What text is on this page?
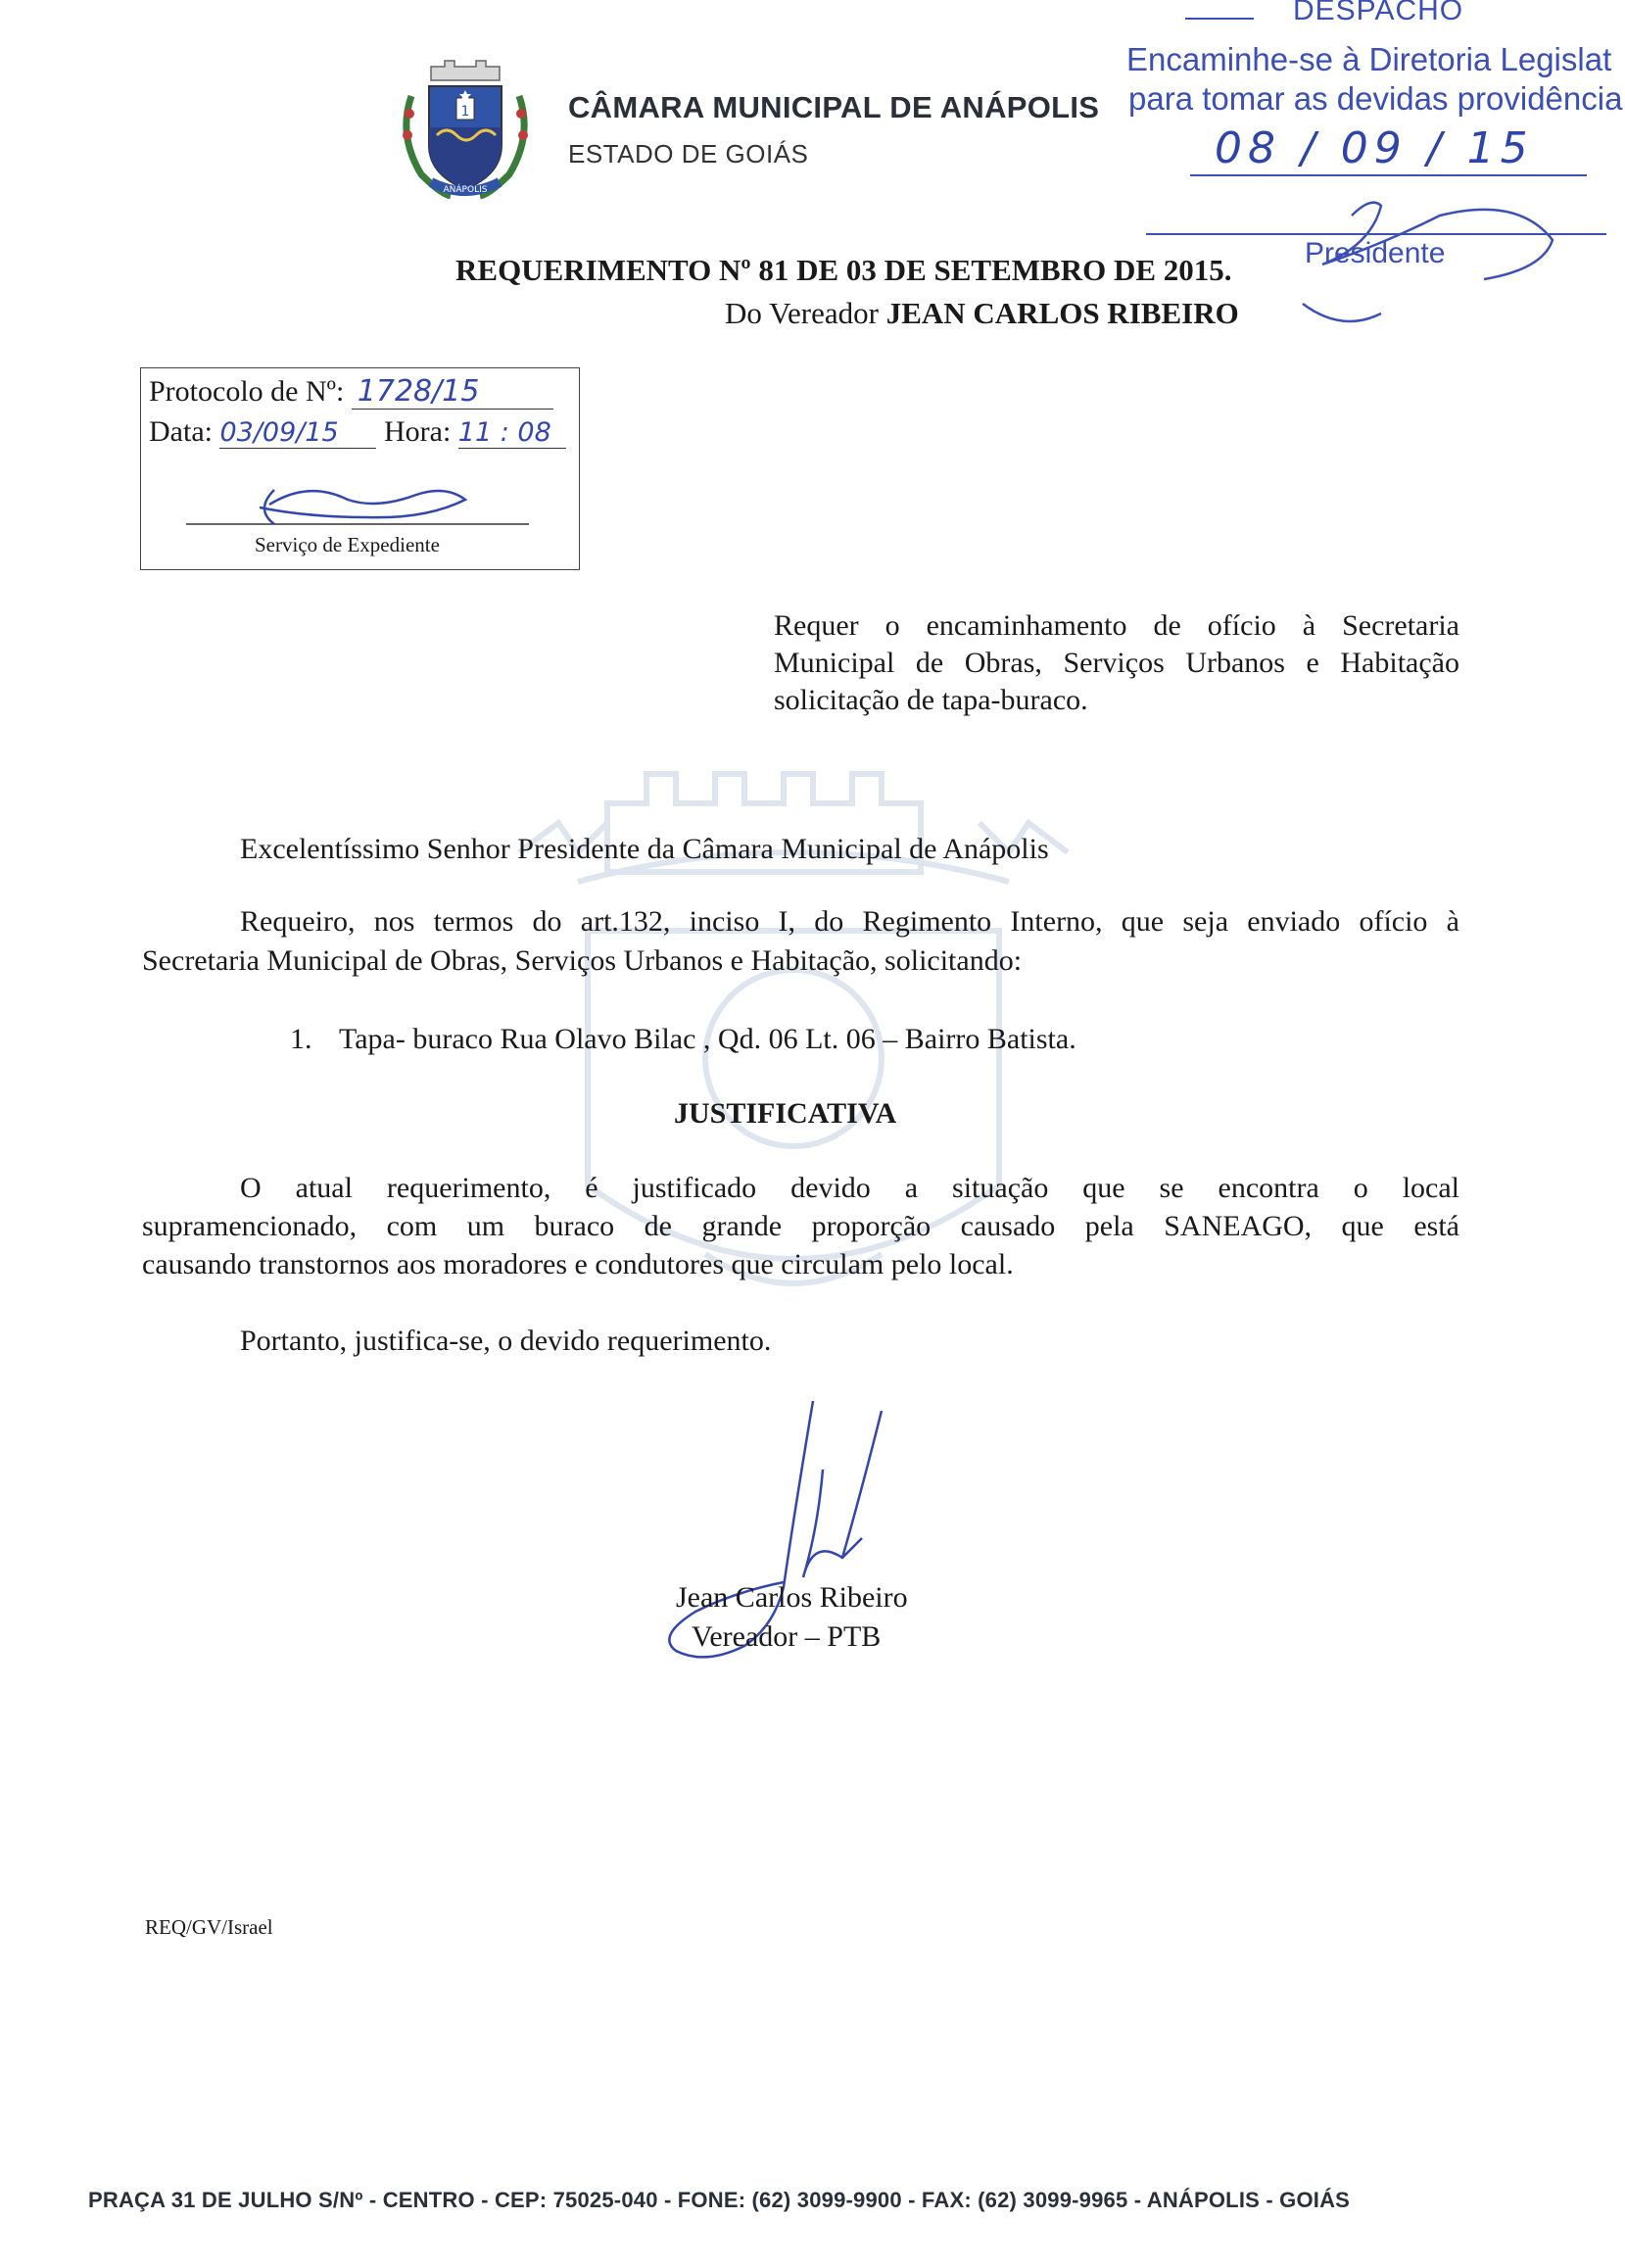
1
ANÁPOLIS
CÂMARA MUNICIPAL DE ANÁPOLIS
ESTADO DE GOIÁS
DESPACHO
Encaminhe-se à Diretoria Legislat
para tomar as devidas providência
08 / 09 / 15
Presidente
REQUERIMENTO Nº 81 DE 03 DE SETEMBRO DE 2015.
Do Vereador JEAN CARLOS RIBEIRO
Protocolo de Nº: 1728/15
Data: 03/09/15 Hora: 11 : 08
Serviço de Expediente
Requer o encaminhamento de ofício à Secretaria Municipal de Obras, Serviços Urbanos e Habitação solicitação de tapa-buraco.
Excelentíssimo Senhor Presidente da Câmara Municipal de Anápolis
Requeiro, nos termos do art.132, inciso I, do Regimento Interno, que seja enviado ofício à
Secretaria Municipal de Obras, Serviços Urbanos e Habitação, solicitando:
1. Tapa- buraco Rua Olavo Bilac , Qd. 06 Lt. 06 – Bairro Batista.
JUSTIFICATIVA
O atual requerimento, é justificado devido a situação que se encontra o local
supramencionado, com um buraco de grande proporção causado pela SANEAGO, que está
causando transtornos aos moradores e condutores que circulam pelo local.
Portanto, justifica-se, o devido requerimento.
Jean Carlos Ribeiro
Vereador – PTB
REQ/GV/Israel
PRAÇA 31 DE JULHO S/Nº - CENTRO - CEP: 75025-040 - FONE: (62) 3099-9900 - FAX: (62) 3099-9965 - ANÁPOLIS - GOIÁS
